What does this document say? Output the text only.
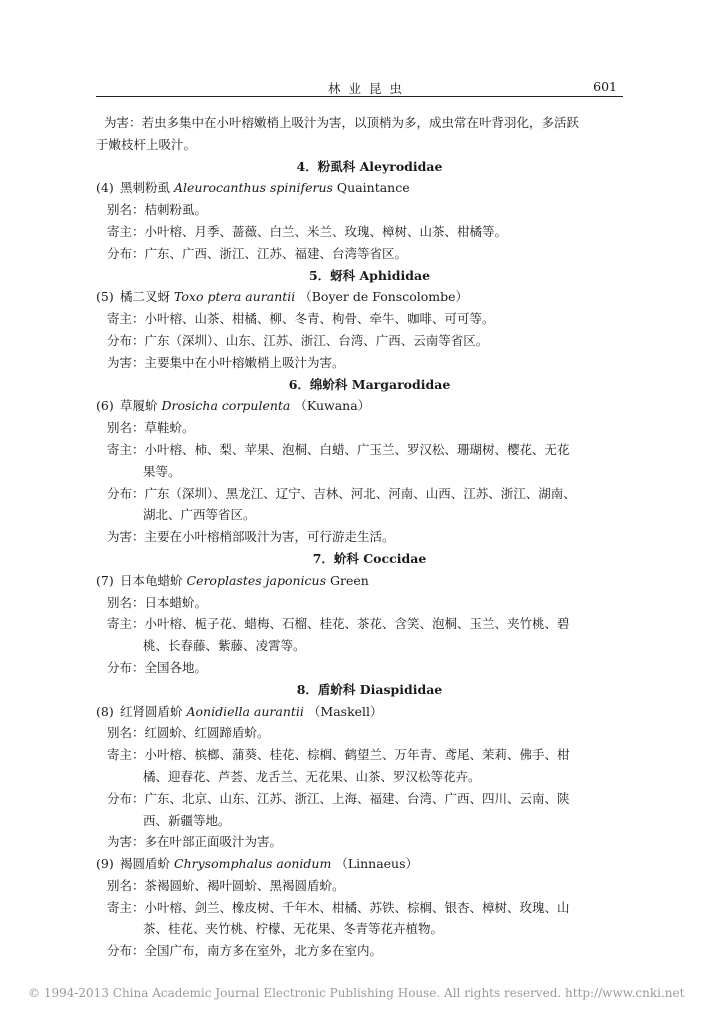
林 业 昆 虫	601
为害：若虫多集中在小叶榕嫩梢上吸汁为害，以顶梢为多，成虫常在叶背羽化，多活跃
于嫩枝杆上吸汁。
4．粉虱科 Aleyrodidae
(4) 黑刺粉虱 Aleurocanthus spiniferus Quaintance
别名：桔刺粉虱。
寄主：小叶榕、月季、蔷薇、白兰、米兰、玫瑰、樟树、山茶、柑橘等。
分布：广东、广西、浙江、江苏、福建、台湾等省区。
5．蚜科 Aphididae
(5) 橘二叉蚜 Toxo ptera aurantii （Boyer de Fonscolombe）
寄主：小叶榕、山茶、柑橘、柳、冬青、枸骨、牵牛、咖啡、可可等。
分布：广东（深圳）、山东、江苏、浙江、台湾、广西、云南等省区。
为害：主要集中在小叶榕嫩梢上吸汁为害。
6．绵蚧科 Margarodidae
(6) 草履蚧 Drosicha corpulenta （Kuwana）
别名：草鞋蚧。
寄主：小叶榕、柿、梨、苹果、泡桐、白蜡、广玉兰、罗汉松、珊瑚树、樱花、无花
果等。
分布：广东（深圳）、黑龙江、辽宁、吉林、河北、河南、山西、江苏、浙江、湖南、
湖北、广西等省区。
为害：主要在小叶榕梢部吸汁为害，可行游走生活。
7．蚧科 Coccidae
(7) 日本龟蜡蚧 Ceroplastes japonicus Green
别名：日本蜡蚧。
寄主：小叶榕、栀子花、蜡梅、石榴、桂花、茶花、含笑、泡桐、玉兰、夹竹桃、碧
桃、长春藤、紫藤、凌霄等。
分布：全国各地。
8．盾蚧科 Diaspididae
(8) 红肾圆盾蚧 Aonidiella aurantii （Maskell）
别名：红圆蚧、红圆蹄盾蚧。
寄主：小叶榕、槟榔、蒲葵、桂花、棕榈、鹤望兰、万年青、鸢尾、茉莉、佛手、柑
橘、迎春花、芦荟、龙舌兰、无花果、山茶、罗汉松等花卉。
分布：广东、北京、山东、江苏、浙江、上海、福建、台湾、广西、四川、云南、陕
西、新疆等地。
为害：多在叶部正面吸汁为害。
(9) 褐圆盾蚧 Chrysomphalus aonidum （Linnaeus）
别名：茶褐圆蚧、褐叶圆蚧、黑褐圆盾蚧。
寄主：小叶榕、剑兰、橡皮树、千年木、柑橘、苏铁、棕榈、银杏、樟树、玫瑰、山
茶、桂花、夹竹桃、柠檬、无花果、冬青等花卉植物。
分布：全国广布，南方多在室外，北方多在室内。
© 1994-2013 China Academic Journal Electronic Publishing House. All rights reserved. http://www.cnki.net
